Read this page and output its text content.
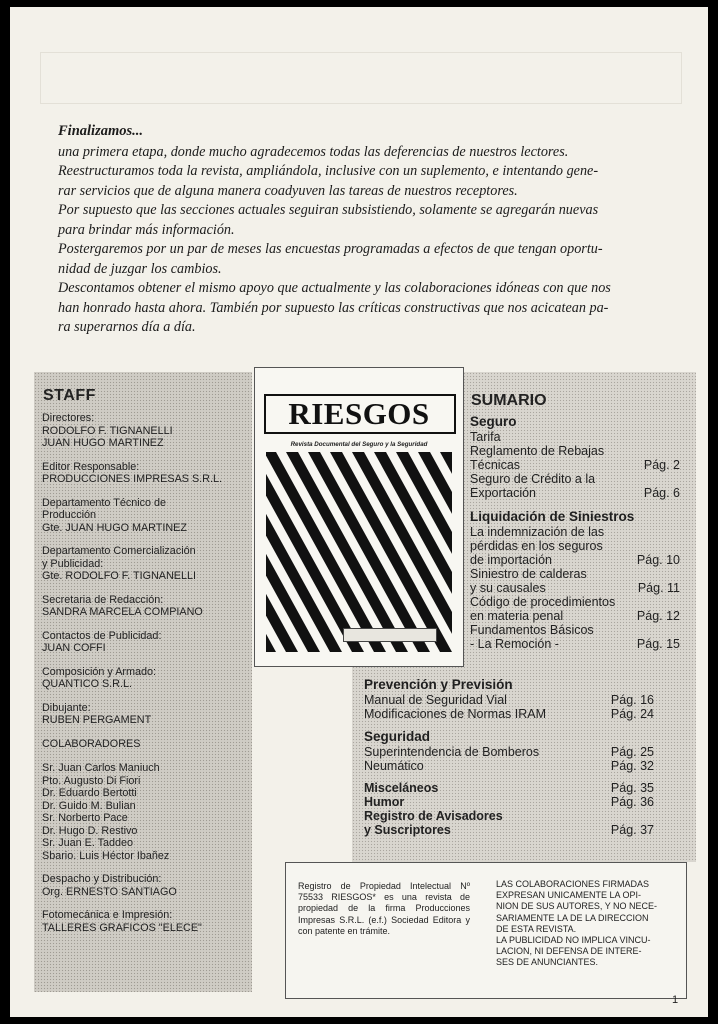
Finalizamos...

una primera etapa, donde mucho agradecemos todas las deferencias de nuestros lectores.

Reestructuramos toda la revista, ampliándola, inclusive con un suplemento, e intentando gene-

rar servicios que de alguna manera coadyuven las tareas de nuestros receptores.

Por supuesto que las secciones actuales seguiran subsistiendo, solamente se agregarán nuevas

para brindar más información.

Postergaremos por un par de meses las encuestas programadas a efectos de que tengan oportu-

nidad de juzgar los cambios.

Descontamos obtener el mismo apoyo que actualmente y las colaboraciones idóneas con que nos

han honrado hasta ahora. También por supuesto las críticas constructivas que nos acicatean pa-

ra superarnos día a día.

STAFF
Directores:
RODOLFO F. TIGNANELLI
JUAN HUGO MARTINEZ
Editor Responsable:
PRODUCCIONES IMPRESAS S.R.L.
Departamento Técnico de
Producción
Gte. JUAN HUGO MARTINEZ
Departamento Comercialización
y Publicidad:
Gte. RODOLFO F. TIGNANELLI
Secretaria de Redacción:
SANDRA MARCELA COMPIANO
Contactos de Publicidad:
JUAN COFFI
Composición y Armado:
QUANTICO S.R.L.
Dibujante:
RUBEN PERGAMENT
COLABORADORES
Sr. Juan Carlos Maniuch
Pto. Augusto Di Fiori
Dr. Eduardo Bertotti
Dr. Guido M. Bulian
Sr. Norberto Pace
Dr. Hugo D. Restivo
Sr. Juan E. Taddeo
Sbario. Luis Héctor Ibañez
Despacho y Distribución:
Org. ERNESTO SANTIAGO
Fotomecánica e Impresión:
TALLERES GRAFICOS "ELECE"
SUMARIO
Seguro
Tarifa
Reglamento de Rebajas
Técnicas	Pág. 2
Seguro de Crédito a la
Exportación	Pág. 6
Liquidación de Siniestros
La indemnización de las
pérdidas en los seguros
de importación	Pág. 10
Siniestro de calderas
y su causales	Pág. 11
Código de procedimientos
en materia penal	Pág. 12
Fundamentos Básicos
- La Remoción -	Pág. 15
Prevención y Previsión
Manual de Seguridad Vial	Pág. 16
Modificaciones de Normas IRAM	Pág. 24
Seguridad
Superintendencia de Bomberos	Pág. 25
Neumático	Pág. 32
Misceláneos	Pág. 35
Humor	Pág. 36
Registro de Avisadores
y Suscriptores	Pág. 37
RIESGOS
Revista Documental del Seguro y la Seguridad
Registro de Propiedad Intelectual Nº 75533 RIESGOS* es una revista de propiedad de la firma Producciones Impresas S.R.L. (e.f.) Sociedad Editora y con patente en trámite.
LAS COLABORACIONES FIRMADAS
EXPRESAN UNICAMENTE LA OPI-
NION DE SUS AUTORES, Y NO NECE-
SARIAMENTE LA DE LA DIRECCION
DE ESTA REVISTA.
LA PUBLICIDAD NO IMPLICA VINCU-
LACION, NI DEFENSA DE INTERE-
SES DE ANUNCIANTES.
1
